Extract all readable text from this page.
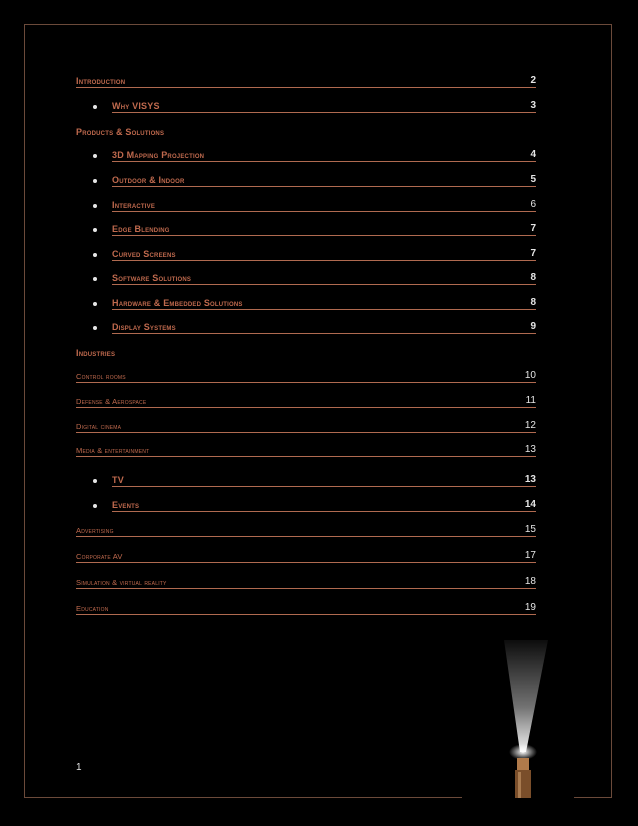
Introduction	2
Why VISYS	3
Products & Solutions
3D Mapping Projection	4
Outdoor & Indoor	5
Interactive	6
Edge Blending	7
Curved Screens	7
Software Solutions	8
Hardware & Embedded Solutions	8
Display Systems	9
Industries
Control rooms	10
Defense & Aerospace	11
Digital cinema	12
Media & entertainment	13
TV	13
Events	14
Advertising	15
Corporate AV	17
Simulation & virtual reality	18
Education	19
1
